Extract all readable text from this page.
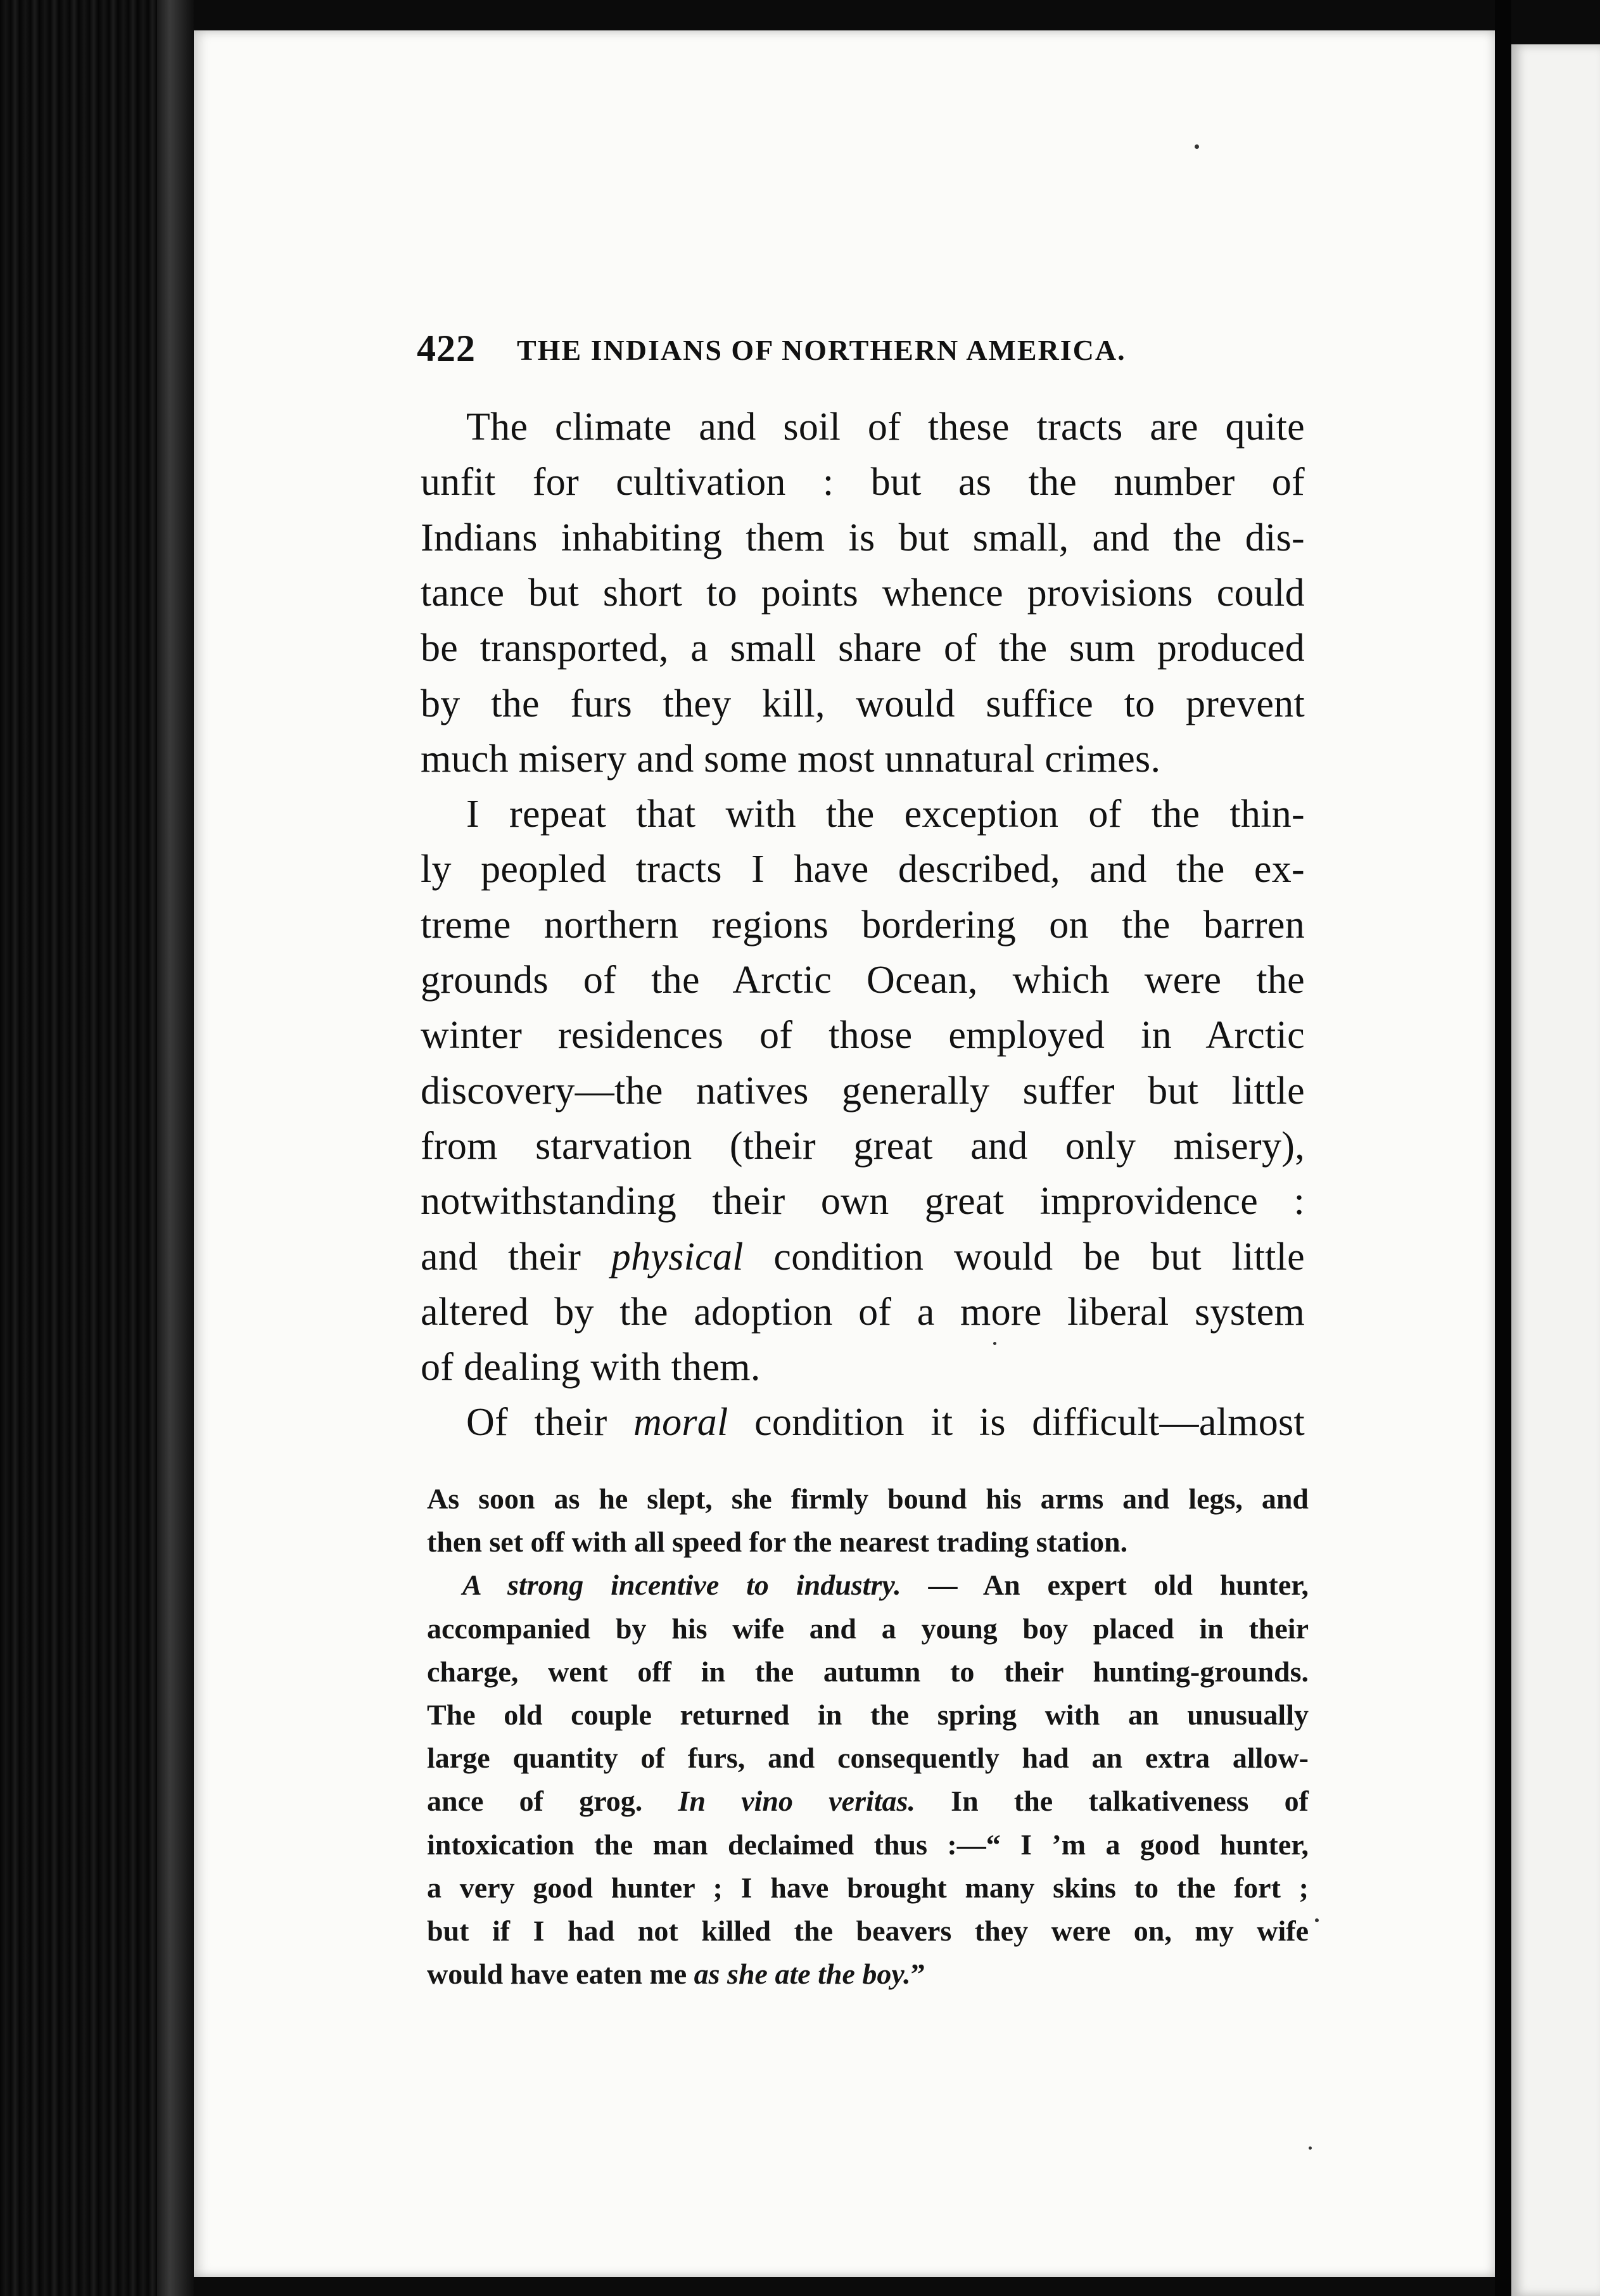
422 THE INDIANS OF NORTHERN AMERICA.
The climate and soil of these tracts are quite
unfit for cultivation : but as the number of
Indians inhabiting them is but small, and the dis-
tance but short to points whence provisions could
be transported, a small share of the sum produced
by the furs they kill, would suffice to prevent
much misery and some most unnatural crimes.
I repeat that with the exception of the thin-
ly peopled tracts I have described, and the ex-
treme northern regions bordering on the barren
grounds of the Arctic Ocean, which were the
winter residences of those employed in Arctic
discovery—the natives generally suffer but little
from starvation (their great and only misery),
notwithstanding their own great improvidence :
and their physical condition would be but little
altered by the adoption of a more liberal system
of dealing with them.
Of their moral condition it is difficult—almost
As soon as he slept, she firmly bound his arms and legs, and
then set off with all speed for the nearest trading station.
A strong incentive to industry. — An expert old hunter,
accompanied by his wife and a young boy placed in their
charge, went off in the autumn to their hunting-grounds.
The old couple returned in the spring with an unusually
large quantity of furs, and consequently had an extra allow-
ance of grog. In vino veritas. In the talkativeness of
intoxication the man declaimed thus :—“ I ’m a good hunter,
a very good hunter ; I have brought many skins to the fort ;
but if I had not killed the beavers they were on, my wife
would have eaten me as she ate the boy.”
